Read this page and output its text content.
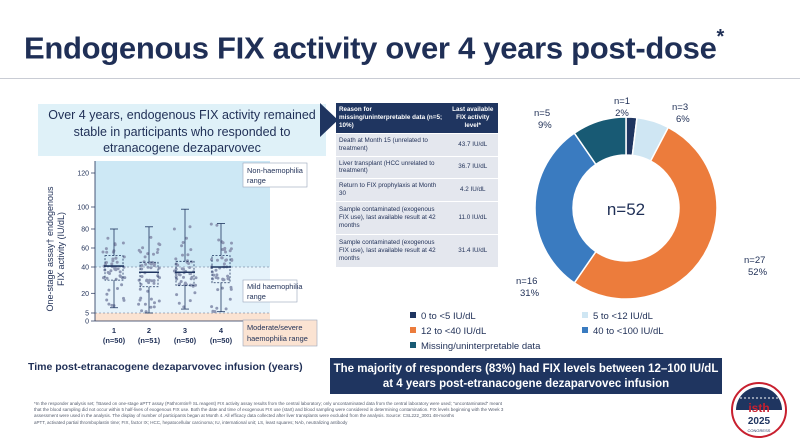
Endogenous FIX activity over 4 years post-dose*
Over 4 years, endogenous FIX activity remained stable in participants who responded to etranacogene dezaparvovec
120
100
80
60
40
20
5
0
1
(n=50)
2
(n=51)
3
(n=50)
4
(n=50)
One-stage assay† endogenous FIX activity (IU/dL)
Non-haemophilia
range
Mild haemophilia
range
Moderate/severe
haemophilia range
Time post-etranacogene dezaparvovec infusion (years)
Reason for missing/uninterpretable data (n=5; 10%)	Last available FIX activity level*
Death at Month 15 (unrelated to treatment)	43.7 IU/dL
Liver transplant (HCC unrelated to treatment)	36.7 IU/dL
Return to FIX prophylaxis at Month 30	4.2 IU/dL
Sample contaminated (exogenous FIX use), last available result at 42 months	11.0 IU/dL
Sample contaminated (exogenous FIX use), last available result at 42 months	31.4 IU/dL
n=52
n=1
2%
n=3
6%
n=27
52%
n=16
31%
n=5
9%
0 to <5 IU/dL	5 to <12 IU/dL
12 to <40 IU/dL	40 to <100 IU/dL
Missing/uninterpretable data
The majority of responders (83%) had FIX levels between 12–100 IU/dL
at 4 years post-etranacogene dezaparvovec infusion
*In the responder analysis set; †Based on one-stage aPTT assay (Pathromtin® SL reagent) FIX activity assay results from the central laboratory; only uncontaminated data from the central laboratory were used; "uncontaminated" meant
that the blood sampling did not occur within 5 half-lives of exogenous FIX use. Both the date and time of exogenous FIX use (start) and blood sampling were considered in determining contamination. FIX levels beginning with the Week 3
assessment were used in the analysis. The display of number of participants began at Month 4. All efficacy data collected after liver transplants were excluded from the analysis. Source: CSL222_3001 48-months
aPTT, activated partial thromboplastin time; FIX, factor IX; HCC, hepatocellular carcinoma; IU, international unit; LS, least squares; NAb, neutralizing antibody
isth
2025
CONGRESS
